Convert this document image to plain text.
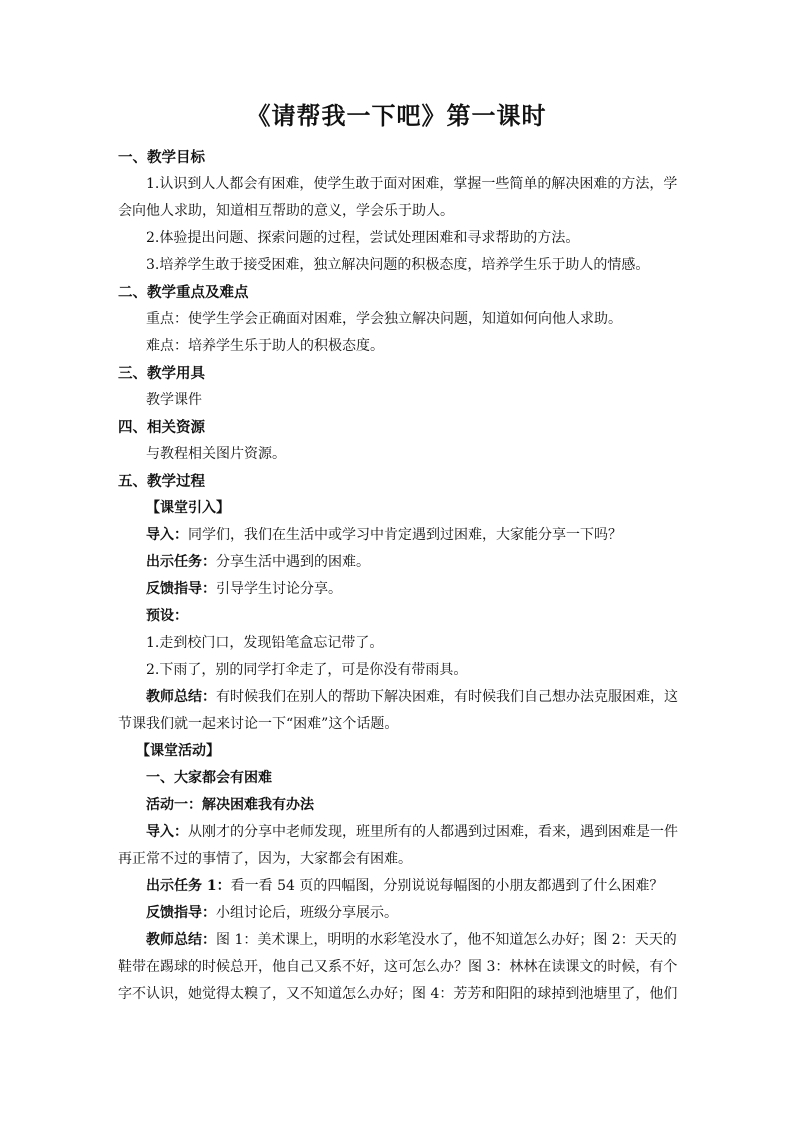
《请帮我一下吧》第一课时
一、教学目标
1.认识到人人都会有困难，使学生敢于面对困难，掌握一些简单的解决困难的方法，学
会向他人求助，知道相互帮助的意义，学会乐于助人。
2.体验提出问题、探索问题的过程，尝试处理困难和寻求帮助的方法。
3.培养学生敢于接受困难，独立解决问题的积极态度，培养学生乐于助人的情感。
二、教学重点及难点
重点：使学生学会正确面对困难，学会独立解决问题，知道如何向他人求助。
难点：培养学生乐于助人的积极态度。
三、教学用具
教学课件
四、相关资源
与教程相关图片资源。
五、教学过程
【课堂引入】
导入：同学们，我们在生活中或学习中肯定遇到过困难，大家能分享一下吗？
出示任务：分享生活中遇到的困难。
反馈指导：引导学生讨论分享。
预设：
1.走到校门口，发现铅笔盒忘记带了。
2.下雨了，别的同学打伞走了，可是你没有带雨具。
教师总结：有时候我们在别人的帮助下解决困难，有时候我们自己想办法克服困难，这
节课我们就一起来讨论一下“困难”这个话题。
【课堂活动】
一、大家都会有困难
活动一：解决困难我有办法
导入：从刚才的分享中老师发现，班里所有的人都遇到过困难，看来，遇到困难是一件
再正常不过的事情了，因为，大家都会有困难。
出示任务 1：看一看 54 页的四幅图，分别说说每幅图的小朋友都遇到了什么困难？
反馈指导：小组讨论后，班级分享展示。
教师总结：图 1：美术课上，明明的水彩笔没水了，他不知道怎么办好；图 2：天天的
鞋带在踢球的时候总开，他自己又系不好，这可怎么办？图 3：林林在读课文的时候，有个
字不认识，她觉得太糗了，又不知道怎么办好；图 4：芳芳和阳阳的球掉到池塘里了，他们
